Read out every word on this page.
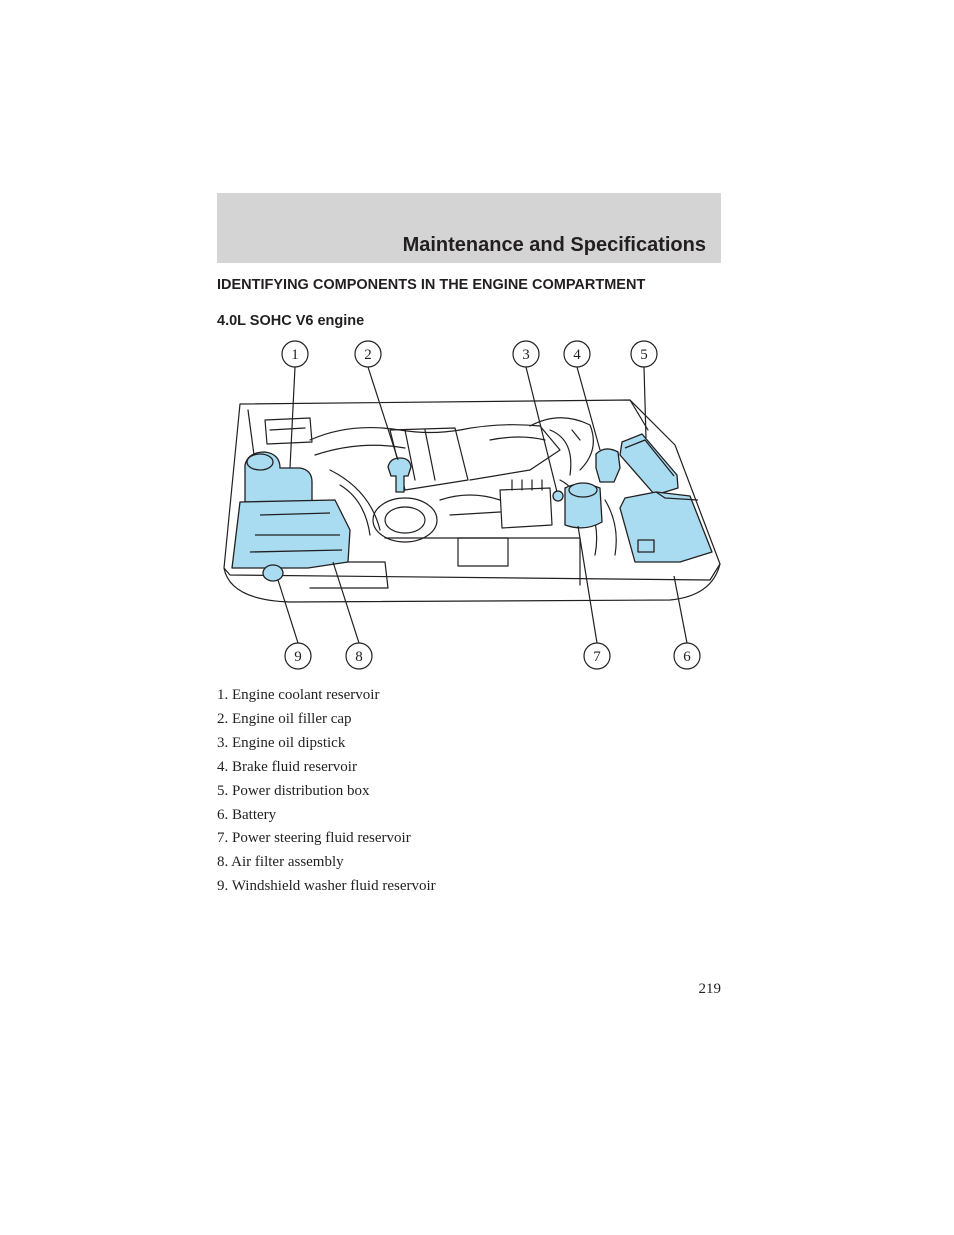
Maintenance and Specifications
IDENTIFYING COMPONENTS IN THE ENGINE COMPARTMENT
4.0L SOHC V6 engine
1	2	3	4	5
9	8	7	6
1. Engine coolant reservoir
2. Engine oil filler cap
3. Engine oil dipstick
4. Brake fluid reservoir
5. Power distribution box
6. Battery
7. Power steering fluid reservoir
8. Air filter assembly
9. Windshield washer fluid reservoir
219
